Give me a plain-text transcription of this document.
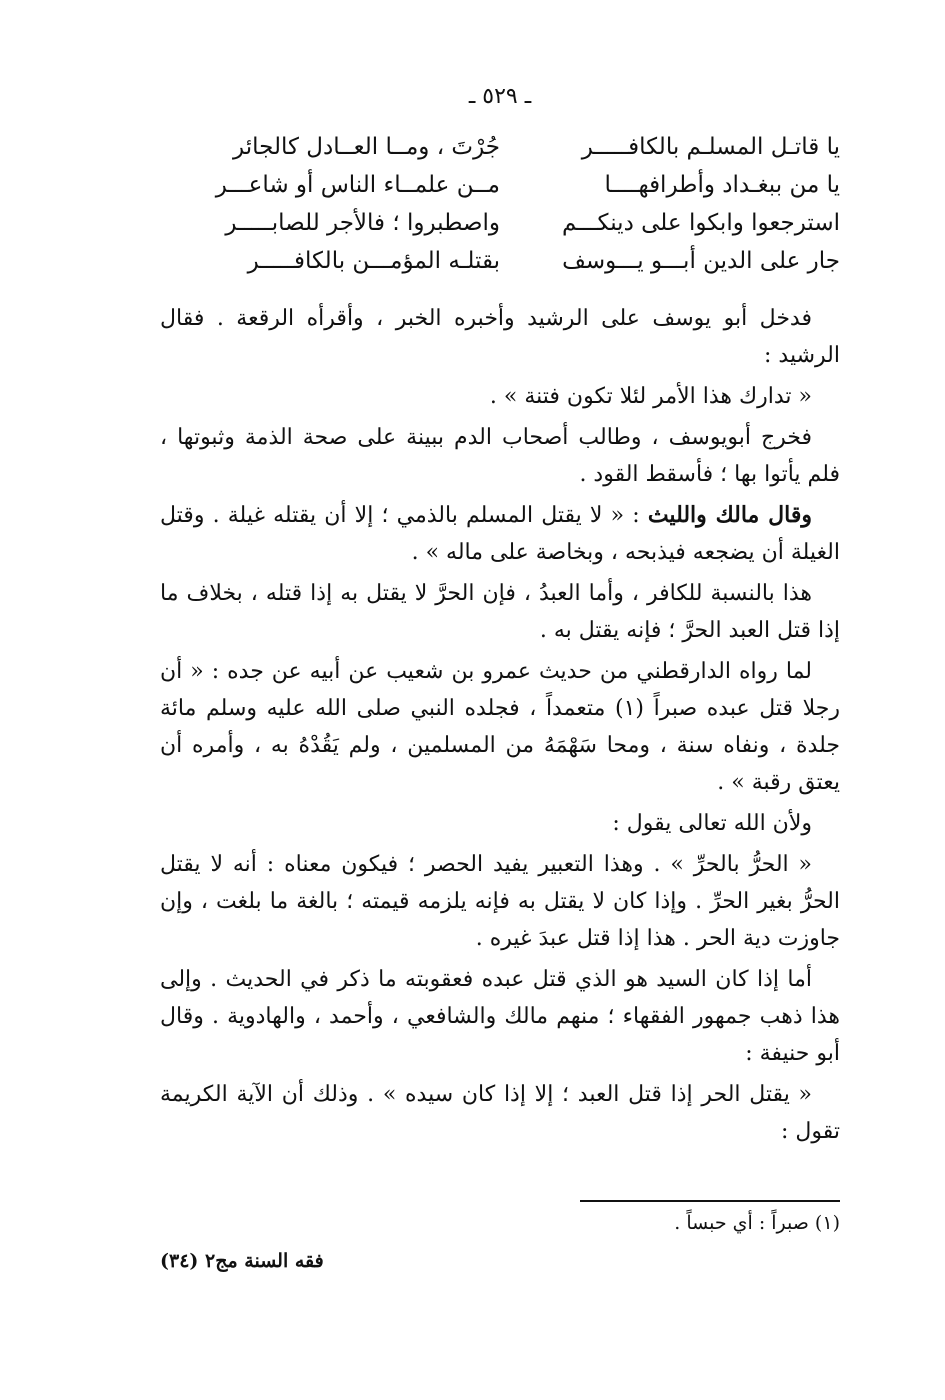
ـ ٥٢٩ ـ
يا قاتـل المسلـم بالكافـــــر
جُرْتَ ، ومــا العــادل كالجائر
يا من ببغـداد وأطرافهــــا
مــن علمــاء الناس أو شاعـــر
استرجعوا وابكوا على دينكـــم
واصطبروا ؛ فالأجر للصابـــــر
جار على الدين أبـــو يـــوسف
بقتلـه المؤمـــن بالكافـــــر

فدخل أبو يوسف على الرشيد وأخبره الخبر ، وأقرأه الرقعة . فقال الرشيد :

« تدارك هذا الأمر لئلا تكون فتنة » .

فخرج أبويوسف ، وطالب أصحاب الدم ببينة على صحة الذمة وثبوتها ، فلم يأتوا بها ؛ فأسقط القود .

وقال مالك والليث : « لا يقتل المسلم بالذمي ؛ إلا أن يقتله غيلة . وقتل الغيلة أن يضجعه فيذبحه ، وبخاصة على ماله » .

هذا بالنسبة للكافر ، وأما العبدُ ، فإن الحرَّ لا يقتل به إذا قتله ، بخلاف ما إذا قتل العبد الحرَّ ؛ فإنه يقتل به .

لما رواه الدارقطني من حديث عمرو بن شعيب عن أبيه عن جده : « أن رجلا قتل عبده صبراً (١) متعمداً ، فجلده النبي صلى الله عليه وسلم مائة جلدة ، ونفاه سنة ، ومحا سَهْمَهُ من المسلمين ، ولم يَقُدْهُ به ، وأمره أن يعتق رقبة » .

ولأن الله تعالى يقول :

« الحرُّ بالحرِّ » . وهذا التعبير يفيد الحصر ؛ فيكون معناه : أنه لا يقتل الحرُّ بغير الحرِّ . وإذا كان لا يقتل به فإنه يلزمه قيمته ؛ بالغة ما بلغت ، وإن جاوزت دية الحر . هذا إذا قتل عبدَ غيره .

أما إذا كان السيد هو الذي قتل عبده فعقوبته ما ذكر في الحديث . وإلى هذا ذهب جمهور الفقهاء ؛ منهم مالك والشافعي ، وأحمد ، والهادوية . وقال أبو حنيفة :

« يقتل الحر إذا قتل العبد ؛ إلا إذا كان سيده » . وذلك أن الآية الكريمة تقول :

(١) صبراً : أي حبساً .
فقه السنة مج٢ (٣٤)
